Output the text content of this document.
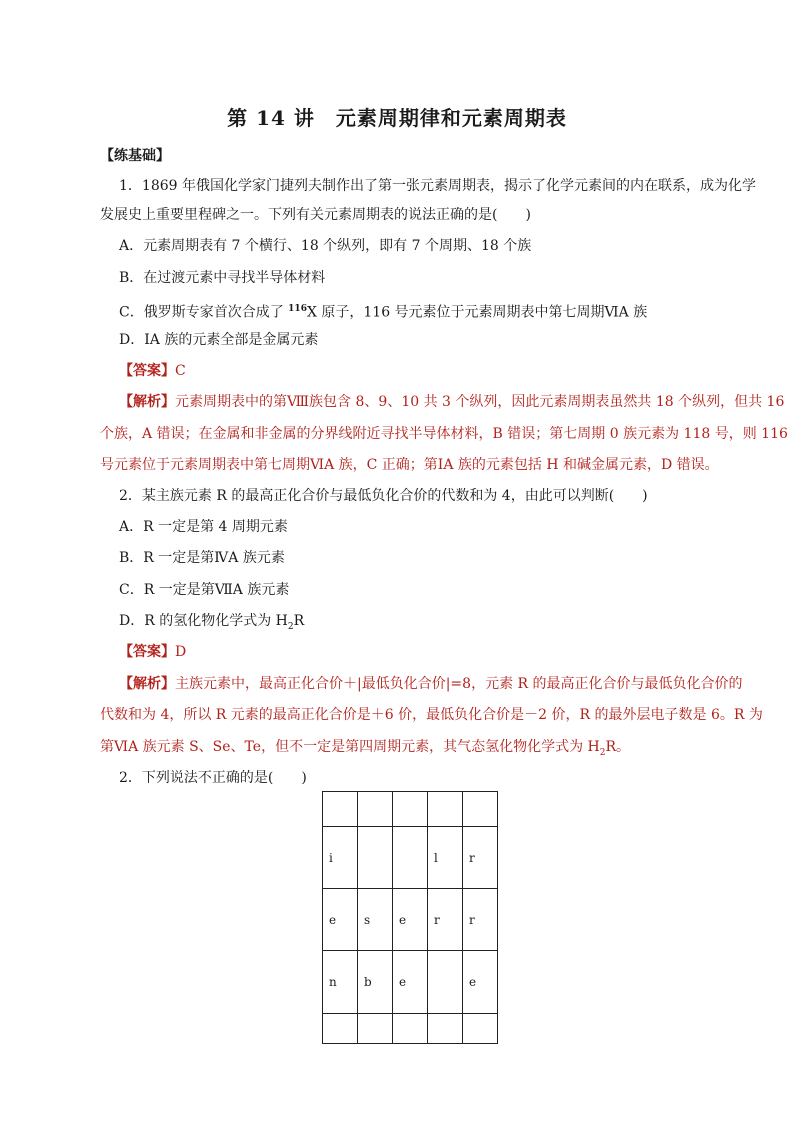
第 14 讲　元素周期律和元素周期表
【练基础】
1．1869 年俄国化学家门捷列夫制作出了第一张元素周期表，揭示了化学元素间的内在联系，成为化学
发展史上重要里程碑之一。下列有关元素周期表的说法正确的是(　　)
A．元素周期表有 7 个横行、18 个纵列，即有 7 个周期、18 个族
B．在过渡元素中寻找半导体材料
C．俄罗斯专家首次合成了 $^{116}$X 原子，116 号元素位于元素周期表中第七周期ⅥA 族
D．ⅠA 族的元素全部是金属元素
【答案】C
【解析】元素周期表中的第Ⅷ族包含 8、9、10 共 3 个纵列，因此元素周期表虽然共 18 个纵列，但共 16
个族，A 错误；在金属和非金属的分界线附近寻找半导体材料，B 错误；第七周期 0 族元素为 118 号，则 116
号元素位于元素周期表中第七周期ⅥA 族，C 正确；第ⅠA 族的元素包括 H 和碱金属元素，D 错误。
2．某主族元素 R 的最高正化合价与最低负化合价的代数和为 4，由此可以判断(　　)
A．R 一定是第 4 周期元素
B．R 一定是第ⅣA 族元素
C．R 一定是第ⅦA 族元素
D．R 的氢化物化学式为 $H_2R$
【答案】D
【解析】主族元素中，最高正化合价＋|最低负化合价|=8，元素 R 的最高正化合价与最低负化合价的
代数和为 4，所以 R 元素的最高正化合价是＋6 价，最低负化合价是－2 价，R 的最外层电子数是 6。R 为
第ⅥA 族元素 S、Se、Te，但不一定是第四周期元素，其气态氢化物化学式为 $H_2R$。
2．下列说法不正确的是(　　)

i			l	r
e	s	e	r	r
n	b	e		e
